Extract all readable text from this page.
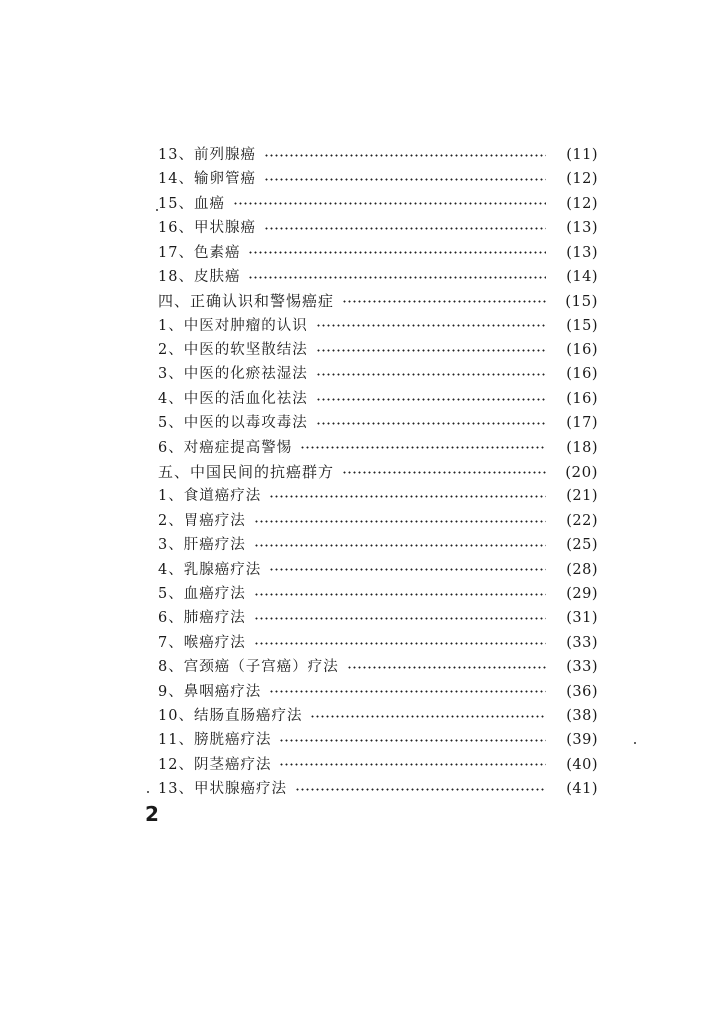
13、前列腺癌	(11)
14、输卵管癌	(12)
15、血癌	(12)
16、甲状腺癌	(13)
17、色素癌	(13)
18、皮肤癌	(14)
四、正确认识和警惕癌症	(15)
1、中医对肿瘤的认识	(15)
2、中医的软坚散结法	(16)
3、中医的化瘀祛湿法	(16)
4、中医的活血化祛法	(16)
5、中医的以毒攻毒法	(17)
6、对癌症提高警惕	(18)
五、中国民间的抗癌群方	(20)
1、食道癌疗法	(21)
2、胃癌疗法	(22)
3、肝癌疗法	(25)
4、乳腺癌疗法	(28)
5、血癌疗法	(29)
6、肺癌疗法	(31)
7、喉癌疗法	(33)
8、宫颈癌（子宫癌）疗法	(33)
9、鼻咽癌疗法	(36)
10、结肠直肠癌疗法	(38)
11、膀胱癌疗法	(39)
12、阴茎癌疗法	(40)
13、甲状腺癌疗法	(41)
2
